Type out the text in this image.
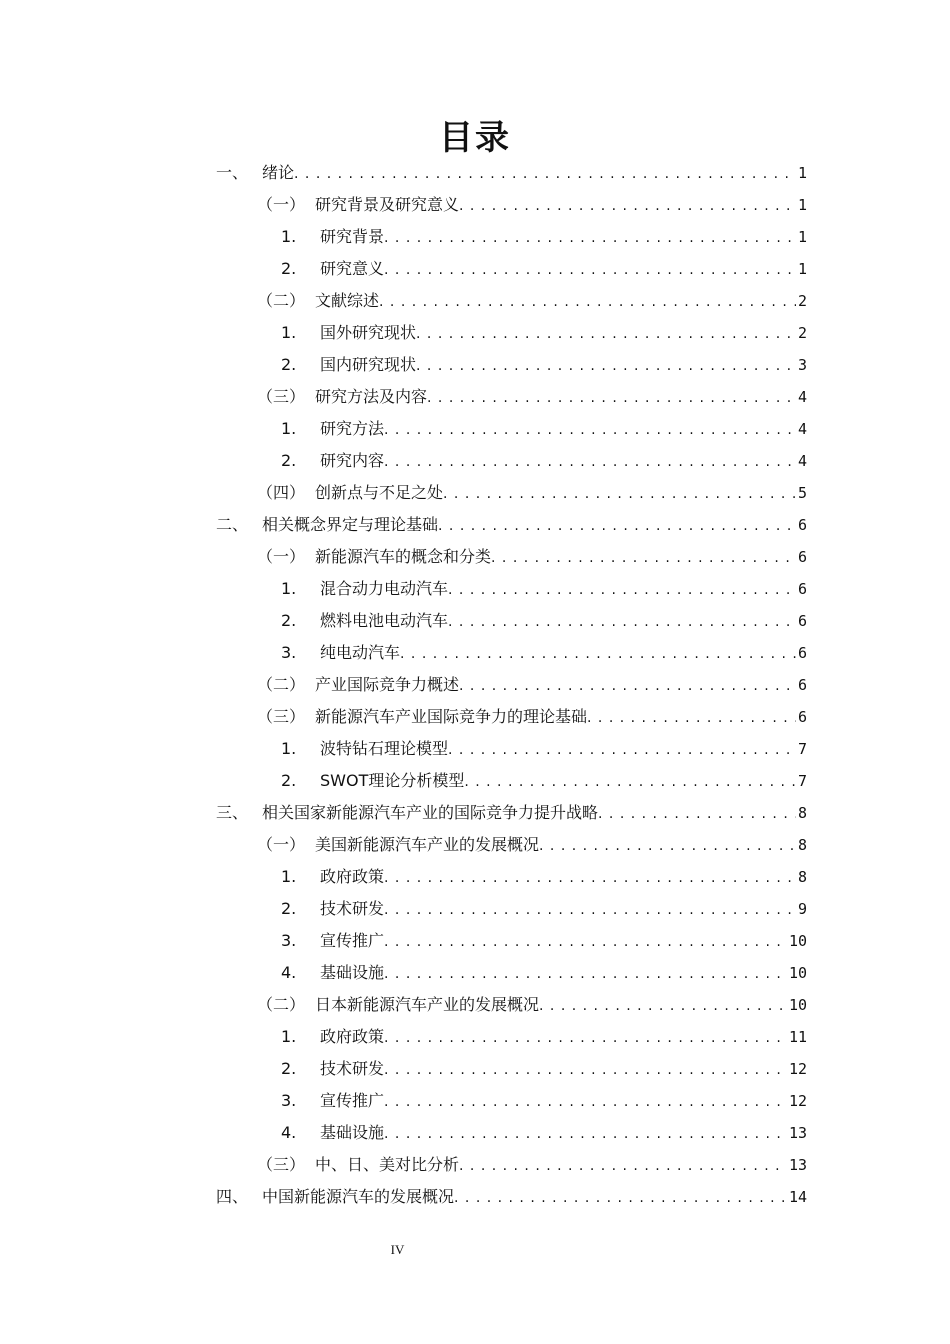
目录
一、 绪论 . . .	1
（一） 研究背景及研究意义 . . .	1
1.	研究背景 . . .	1
2.	研究意义 . . .	1
（二） 文献综述 . . .	2
1.	国外研究现状 . . .	2
2.	国内研究现状 . . .	3
（三） 研究方法及内容 . . .	4
1.	研究方法 . . .	4
2.	研究内容 . . .	4
（四） 创新点与不足之处 . . .	5
二、 相关概念界定与理论基础 . . .	6
（一） 新能源汽车的概念和分类 . . .	6
1.	混合动力电动汽车 . . .	6
2.	燃料电池电动汽车 . . .	6
3.	纯电动汽车 . . .	6
（二） 产业国际竞争力概述 . . .	6
（三） 新能源汽车产业国际竞争力的理论基础 . . .	6
1.	波特钻石理论模型 . . .	7
2.	SWOT理论分析模型 . . .	7
三、 相关国家新能源汽车产业的国际竞争力提升战略 . . .	8
（一） 美国新能源汽车产业的发展概况 . . .	8
1.	政府政策 . . .	8
2.	技术研发 . . .	9
3.	宣传推广 . . .	10
4.	基础设施 . . .	10
（二） 日本新能源汽车产业的发展概况 . . .	10
1.	政府政策 . . .	11
2.	技术研发 . . .	12
3.	宣传推广 . . .	12
4.	基础设施 . . .	13
（三） 中、日、美对比分析 . . .	13
四、 中国新能源汽车的发展概况 . . .	14
IV
